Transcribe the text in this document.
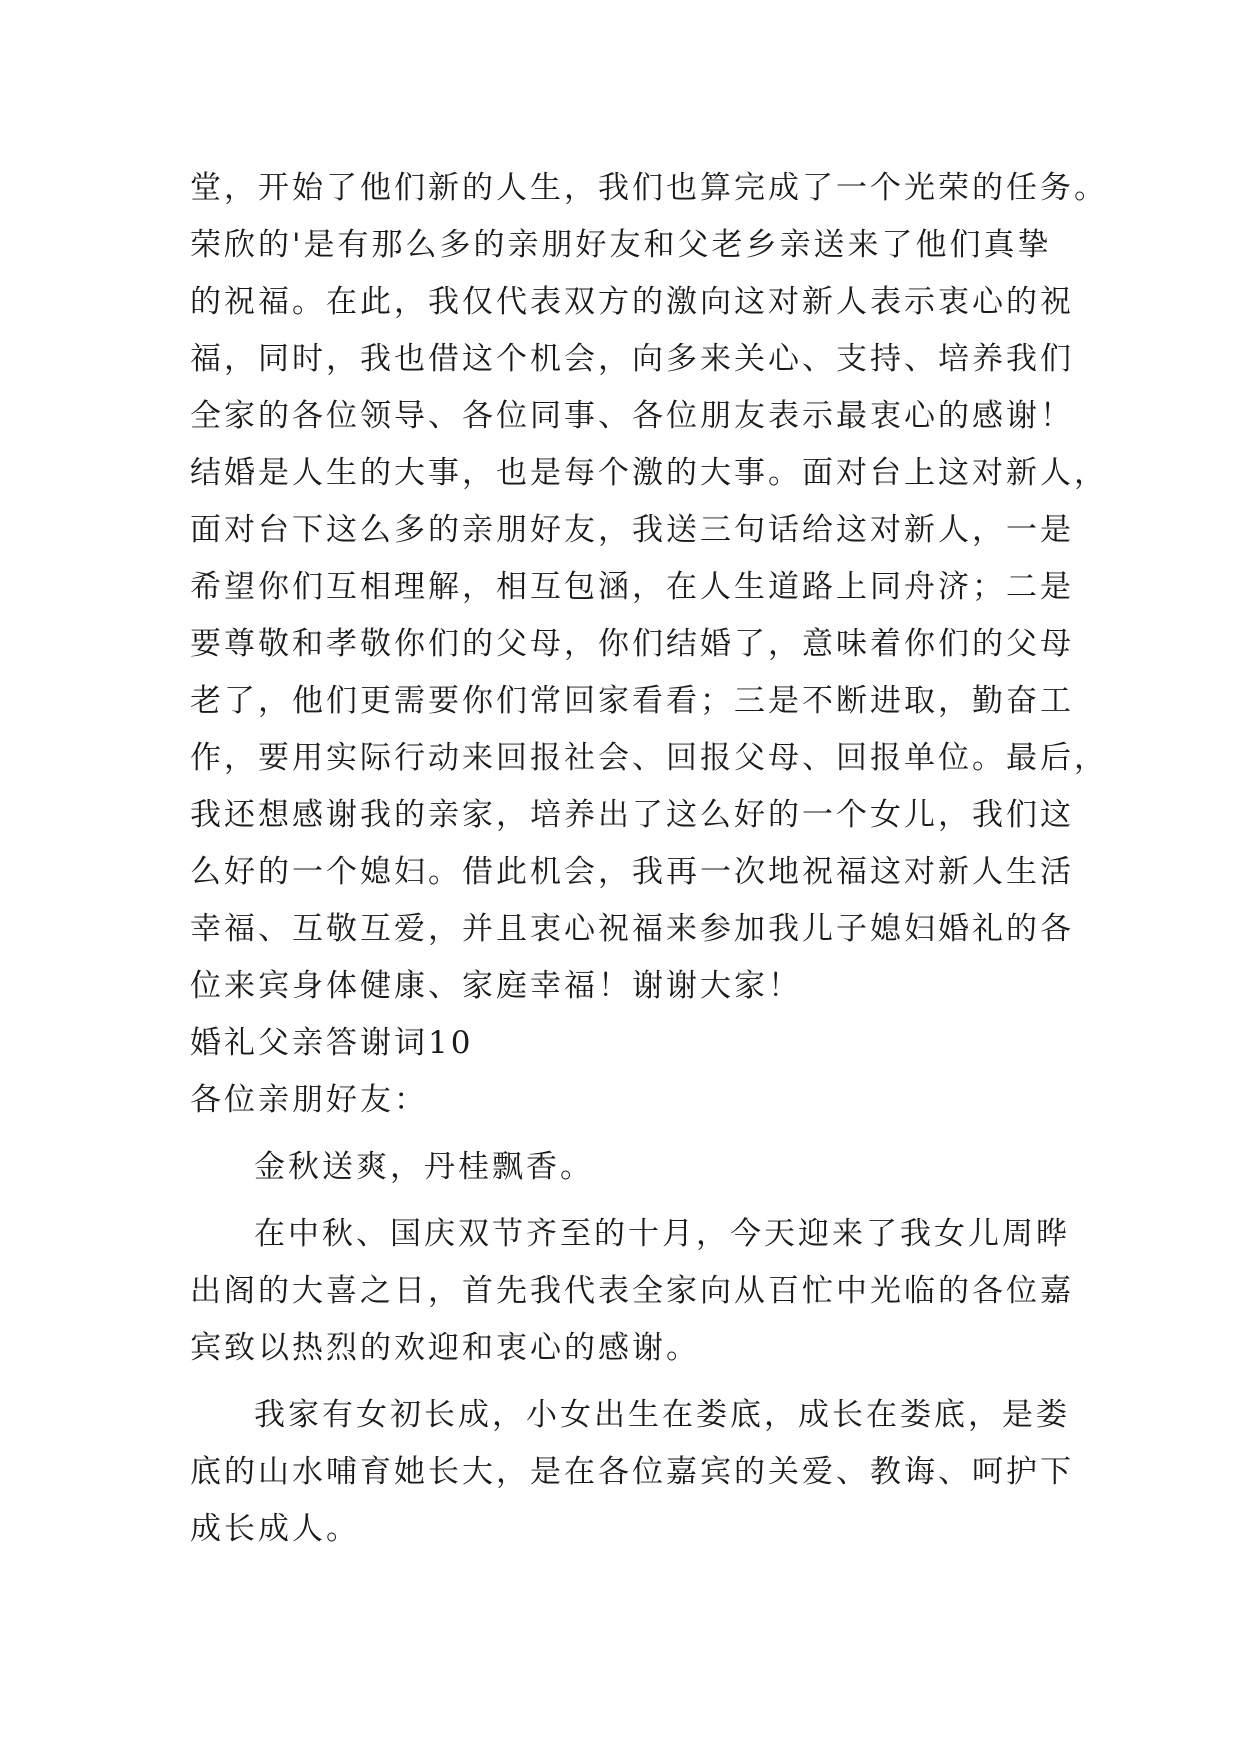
堂，开始了他们新的人生，我们也算完成了一个光荣的任务。
荣欣的'是有那么多的亲朋好友和父老乡亲送来了他们真挚
的祝福。在此，我仅代表双方的激向这对新人表示衷心的祝
福，同时，我也借这个机会，向多来关心、支持、培养我们
全家的各位领导、各位同事、各位朋友表示最衷心的感谢！
结婚是人生的大事，也是每个激的大事。面对台上这对新人，
面对台下这么多的亲朋好友，我送三句话给这对新人，一是
希望你们互相理解，相互包涵，在人生道路上同舟济；二是
要尊敬和孝敬你们的父母，你们结婚了，意味着你们的父母
老了，他们更需要你们常回家看看；三是不断进取，勤奋工
作，要用实际行动来回报社会、回报父母、回报单位。最后，
我还想感谢我的亲家，培养出了这么好的一个女儿，我们这
么好的一个媳妇。借此机会，我再一次地祝福这对新人生活
幸福、互敬互爱，并且衷心祝福来参加我儿子媳妇婚礼的各
位来宾身体健康、家庭幸福！谢谢大家！
婚礼父亲答谢词10
各位亲朋好友：
金秋送爽，丹桂飘香。
在中秋、国庆双节齐至的十月，今天迎来了我女儿周晔
出阁的大喜之日，首先我代表全家向从百忙中光临的各位嘉
宾致以热烈的欢迎和衷心的感谢。
我家有女初长成，小女出生在娄底，成长在娄底，是娄
底的山水哺育她长大，是在各位嘉宾的关爱、教诲、呵护下
成长成人。
